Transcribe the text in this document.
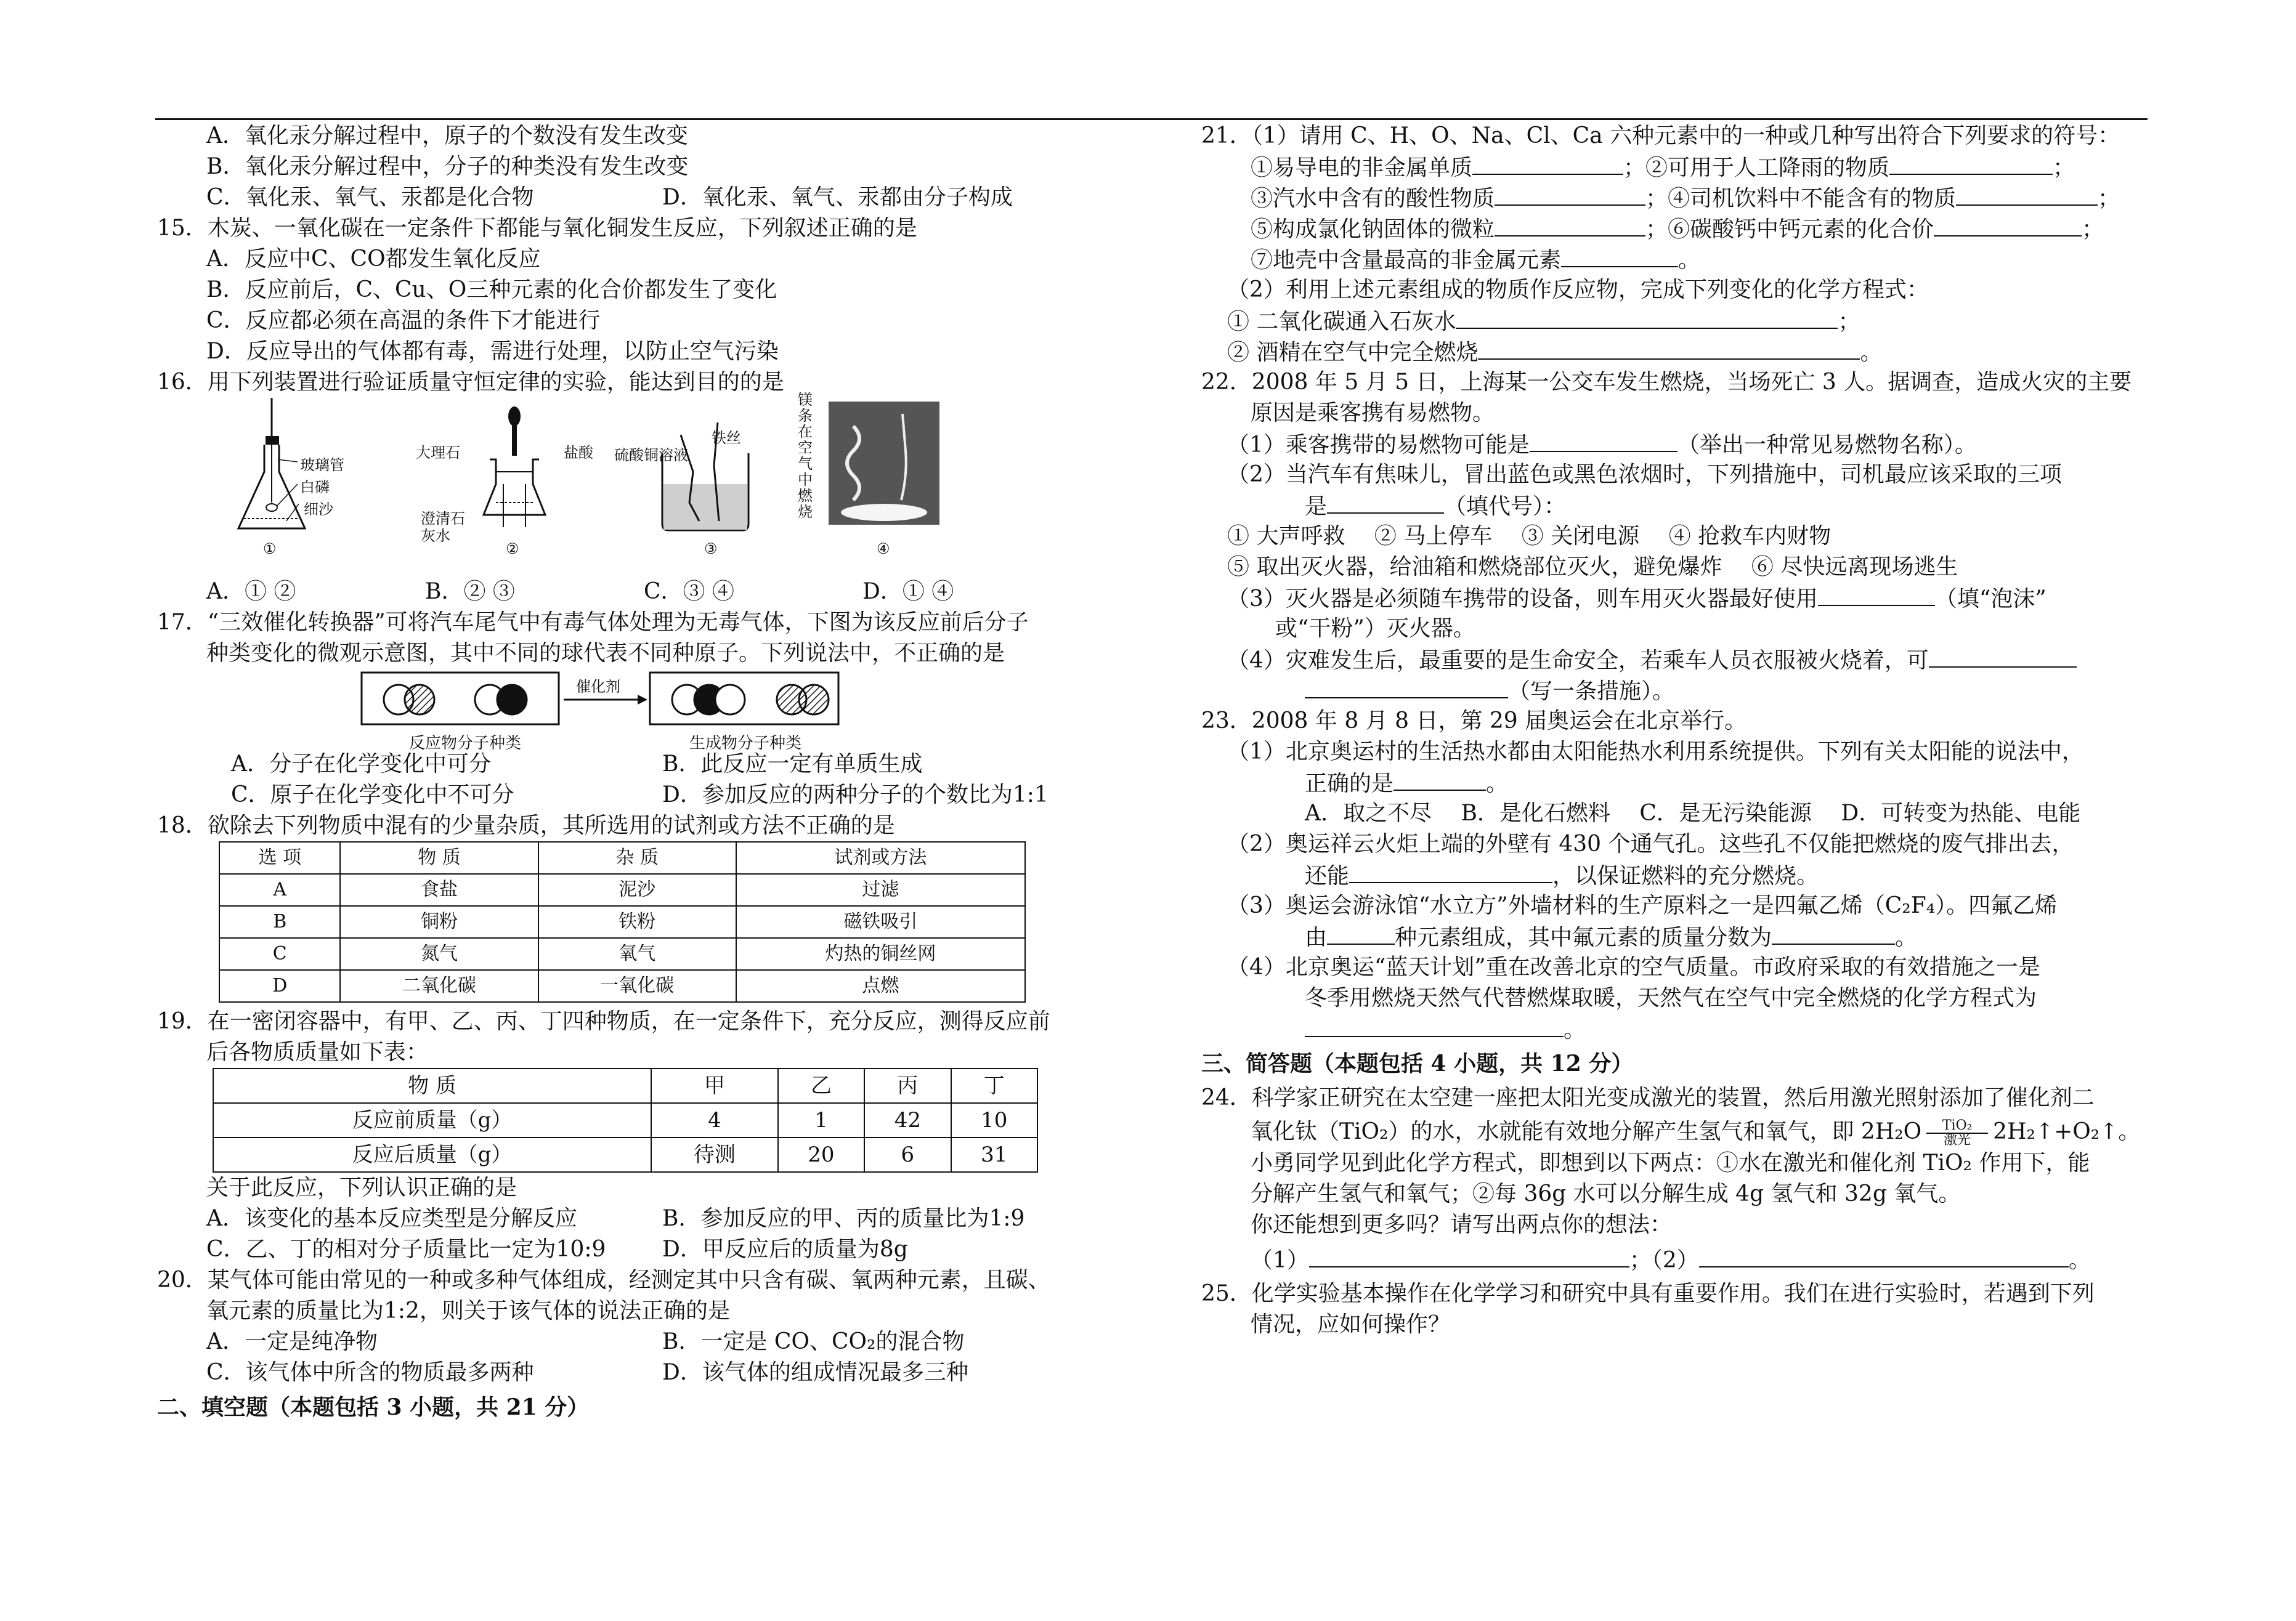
A．氧化汞分解过程中，原子的个数没有发生改变
B．氧化汞分解过程中，分子的种类没有发生改变
C．氧化汞、氧气、汞都是化合物	D．氧化汞、氧气、汞都由分子构成
15．木炭、一氧化碳在一定条件下都能与氧化铜发生反应，下列叙述正确的是
A．反应中C、CO都发生氧化反应
B．反应前后，C、Cu、O三种元素的化合价都发生了变化
C．反应都必须在高温的条件下才能进行
D．反应导出的气体都有毒，需进行处理，以防止空气污染
16．用下列装置进行验证质量守恒定律的实验，能达到目的的是
玻璃管
白磷
细沙
①
大理石	盐酸
澄清石灰水
②
硫酸铜溶液
铁丝
③
镁条在空气中燃烧
④
A．① ②	B．② ③	C．③ ④	D．① ④
17．“三效催化转换器”可将汽车尾气中有毒气体处理为无毒气体，下图为该反应前后分子
种类变化的微观示意图，其中不同的球代表不同种原子。下列说法中，不正确的是
催化剂
反应物分子种类	生成物分子种类
A．分子在化学变化中可分	B．此反应一定有单质生成
C．原子在化学变化中不可分	D．参加反应的两种分子的个数比为1:1
18．欲除去下列物质中混有的少量杂质，其所选用的试剂或方法不正确的是
选 项	物 质	杂 质	试剂或方法
A	食盐	泥沙	过滤
B	铜粉	铁粉	磁铁吸引
C	氮气	氧气	灼热的铜丝网
D	二氧化碳	一氧化碳	点燃
19．在一密闭容器中，有甲、乙、丙、丁四种物质，在一定条件下，充分反应，测得反应前
后各物质质量如下表：
物 质	甲	乙	丙	丁
反应前质量（g）	4	1	42	10
反应后质量（g）	待测	20	6	31
关于此反应，下列认识正确的是
A．该变化的基本反应类型是分解反应	B．参加反应的甲、丙的质量比为1:9
C．乙、丁的相对分子质量比一定为10:9	D．甲反应后的质量为8g
20．某气体可能由常见的一种或多种气体组成，经测定其中只含有碳、氧两种元素，且碳、
氧元素的质量比为1:2，则关于该气体的说法正确的是
A．一定是纯净物	B．一定是 CO、CO₂的混合物
C．该气体中所含的物质最多两种	D．该气体的组成情况最多三种
二、填空题（本题包括 3 小题，共 21 分）
21．（1）请用 C、H、O、Na、Cl、Ca 六种元素中的一种或几种写出符合下列要求的符号：
①易导电的非金属单质	；②可用于人工降雨的物质	；
③汽水中含有的酸性物质	；④司机饮料中不能含有的物质	；
⑤构成氯化钠固体的微粒	；⑥碳酸钙中钙元素的化合价	；
⑦地壳中含量最高的非金属元素	。
（2）利用上述元素组成的物质作反应物，完成下列变化的化学方程式：
① 二氧化碳通入石灰水	；
② 酒精在空气中完全燃烧	。
22．2008 年 5 月 5 日，上海某一公交车发生燃烧，当场死亡 3 人。据调查，造成火灾的主要
原因是乘客携有易燃物。
（1）乘客携带的易燃物可能是	（举出一种常见易燃物名称）。
（2）当汽车有焦味儿，冒出蓝色或黑色浓烟时，下列措施中，司机最应该采取的三项
是	（填代号）：
① 大声呼救　 ② 马上停车　 ③ 关闭电源　 ④ 抢救车内财物
⑤ 取出灭火器，给油箱和燃烧部位灭火，避免爆炸　 ⑥ 尽快远离现场逃生
（3）灭火器是必须随车携带的设备，则车用灭火器最好使用	（填“泡沫”
或“干粉”）灭火器。
（4）灾难发生后，最重要的是生命安全，若乘车人员衣服被火烧着，可
（写一条措施）。
23．2008 年 8 月 8 日，第 29 届奥运会在北京举行。
（1）北京奥运村的生活热水都由太阳能热水利用系统提供。下列有关太阳能的说法中，
正确的是	。
A．取之不尽　 B．是化石燃料　 C．是无污染能源　 D．可转变为热能、电能
（2）奥运祥云火炬上端的外壁有 430 个通气孔。这些孔不仅能把燃烧的废气排出去，
还能	，以保证燃料的充分燃烧。
（3）奥运会游泳馆“水立方”外墙材料的生产原料之一是四氟乙烯（C₂F₄）。四氟乙烯
由	种元素组成，其中氟元素的质量分数为	。
（4）北京奥运“蓝天计划”重在改善北京的空气质量。市政府采取的有效措施之一是
冬季用燃烧天然气代替燃煤取暖，天然气在空气中完全燃烧的化学方程式为
。
三、简答题（本题包括 4 小题，共 12 分）
24．科学家正研究在太空建一座把太阳光变成激光的装置，然后用激光照射添加了催化剂二
氧化钛（TiO₂）的水，水就能有效地分解产生氢气和氧气，即 2H₂O	TiO₂
激光	2H₂↑+O₂↑。
小勇同学见到此化学方程式，即想到以下两点：①水在激光和催化剂 TiO₂ 作用下，能
分解产生氢气和氧气；②每 36g 水可以分解生成 4g 氢气和 32g 氧气。
你还能想到更多吗？请写出两点你的想法：
（1）	；（2）	。
25．化学实验基本操作在化学学习和研究中具有重要作用。我们在进行实验时，若遇到下列
情况，应如何操作？
